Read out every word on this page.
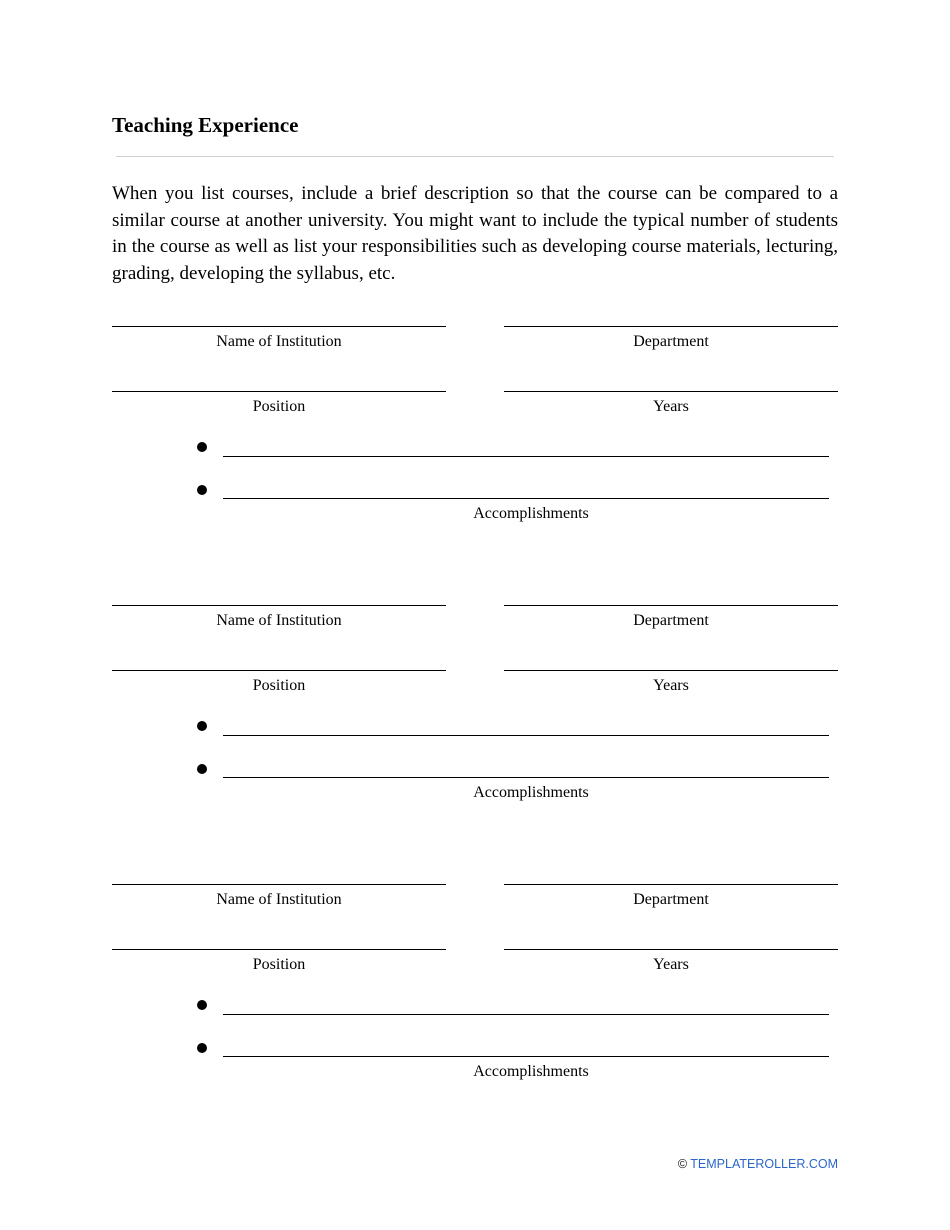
Teaching Experience

When you list courses, include a brief description so that the course can be compared to a similar course at another university. You might want to include the typical number of students in the course as well as list your responsibilities such as developing course materials, lecturing, grading, developing the syllabus, etc.

Name of Institution	Department
Position	Years
Accomplishments
Name of Institution	Department
Position	Years
Accomplishments
Name of Institution	Department
Position	Years
Accomplishments
© TEMPLATEROLLER.COM
